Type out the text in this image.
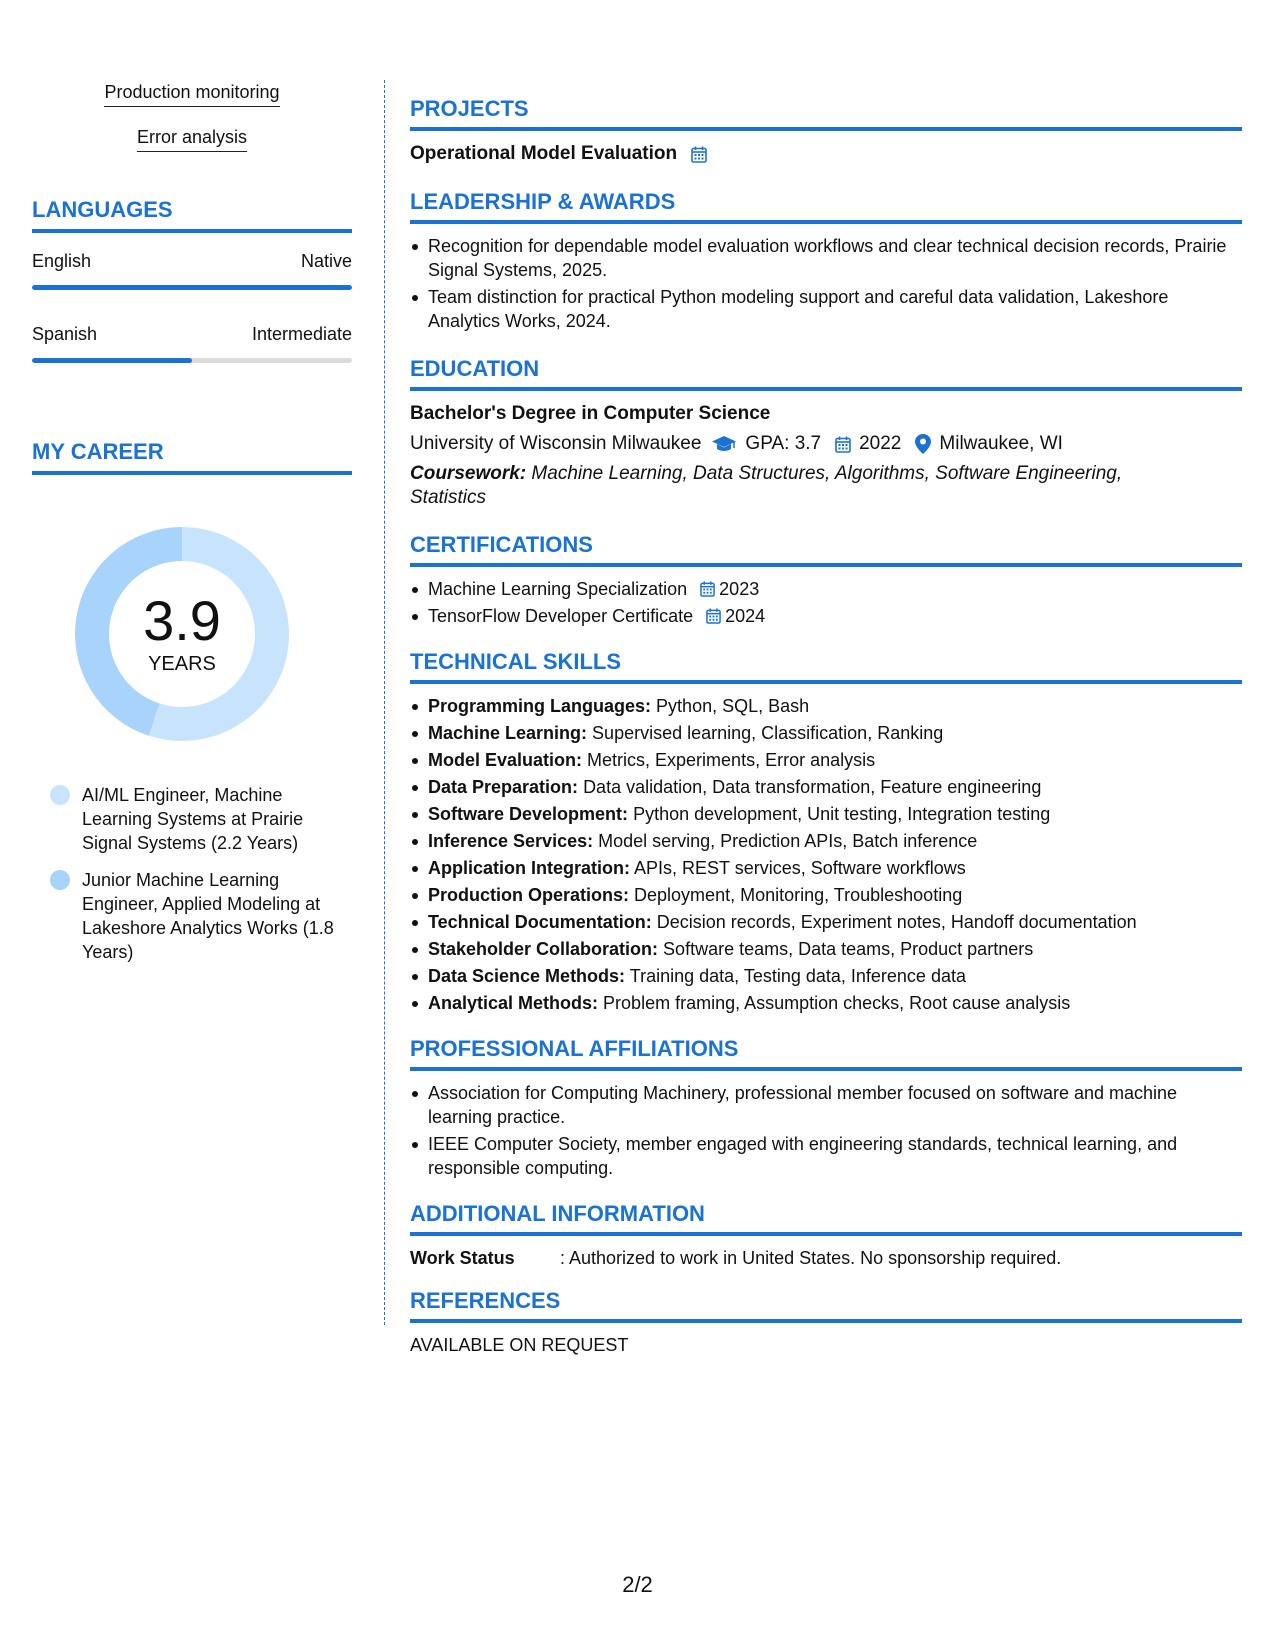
Production monitoring
Error analysis
LANGUAGES
English	Native
Spanish	Intermediate
MY CAREER
3.9
YEARS
AI/ML Engineer, Machine Learning Systems at Prairie Signal Systems (2.2 Years)
Junior Machine Learning Engineer, Applied Modeling at Lakeshore Analytics Works (1.8 Years)
PROJECTS
Operational Model Evaluation
LEADERSHIP & AWARDS
Recognition for dependable model evaluation workflows and clear technical decision records, Prairie Signal Systems, 2025.
Team distinction for practical Python modeling support and careful data validation, Lakeshore Analytics Works, 2024.
EDUCATION
Bachelor's Degree in Computer Science
University of Wisconsin Milwaukee GPA: 3.7 2022 Milwaukee, WI
Coursework: Machine Learning, Data Structures, Algorithms, Software Engineering, Statistics
CERTIFICATIONS
Machine Learning Specialization 2023
TensorFlow Developer Certificate 2024
TECHNICAL SKILLS
Programming Languages: Python, SQL, Bash
Machine Learning: Supervised learning, Classification, Ranking
Model Evaluation: Metrics, Experiments, Error analysis
Data Preparation: Data validation, Data transformation, Feature engineering
Software Development: Python development, Unit testing, Integration testing
Inference Services: Model serving, Prediction APIs, Batch inference
Application Integration: APIs, REST services, Software workflows
Production Operations: Deployment, Monitoring, Troubleshooting
Technical Documentation: Decision records, Experiment notes, Handoff documentation
Stakeholder Collaboration: Software teams, Data teams, Product partners
Data Science Methods: Training data, Testing data, Inference data
Analytical Methods: Problem framing, Assumption checks, Root cause analysis
PROFESSIONAL AFFILIATIONS
Association for Computing Machinery, professional member focused on software and machine learning practice.
IEEE Computer Society, member engaged with engineering standards, technical learning, and responsible computing.
ADDITIONAL INFORMATION
Work Status	: Authorized to work in United States. No sponsorship required.
REFERENCES
AVAILABLE ON REQUEST
2/2
